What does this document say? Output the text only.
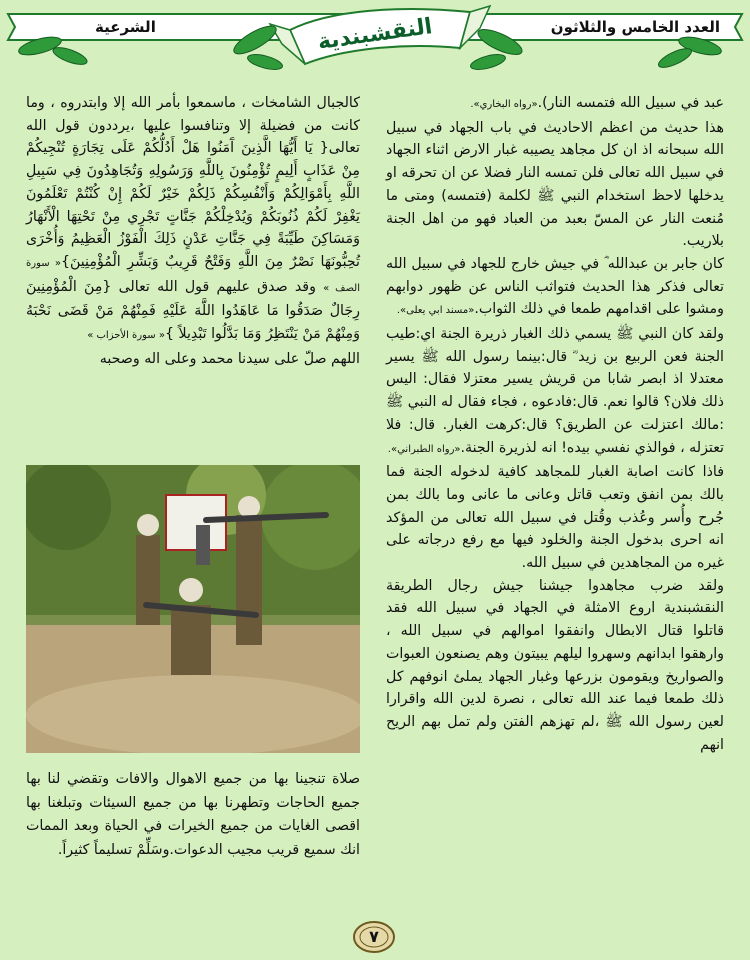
العدد الخامس والثلاثون
الشرعية	النقشبندية

عبد في سبيل الله فتمسه النار).«رواه البخاري».

هذا حديث من اعظم الاحاديث في باب الجهاد في سبيل الله سبحانه اذ ان كل مجاهد يصيبه غبار الارض اثناء الجهاد في سبيل الله تعالى فلن تمسه النار فضلا عن ان تحرقه او يدخلها لاحظ استخدام النبي ﷺ لكلمة (فتمسه) ومتى ما مُنعت النار عن المسّ بعبد من العباد فهو من اهل الجنة بلاريب.

كان جابر بن عبدالله ؓ في جيش خارج للجهاد في سبيل الله تعالى فذكر هذا الحديث فتواثب الناس عن ظهور دوابهم ومشوا على اقدامهم طمعا في ذلك الثواب.«مسند ابي يعلى».

ولقد كان النبي ﷺ يسمي ذلك الغبار ذريرة الجنة اي:طيب الجنة فعن الربيع بن زيد ؓ قال:بينما رسول الله ﷺ يسير معتدلا اذ ابصر شابا من قريش يسير معتزلا فقال: اليس ذلك فلان؟ قالوا نعم. قال:فادعوه ، فجاء فقال له النبي ﷺ :مالك اعتزلت عن الطريق؟ قال:كرهت الغبار. قال: فلا تعتزله ، فوالذي نفسي بيده! انه لذريرة الجنة.«رواه الطبراني».

فاذا كانت اصابة الغبار للمجاهد كافية لدخوله الجنة فما بالك بمن انفق وتعب قاتل وعانى ما عانى وما بالك بمن جُرح وأُسر وعُذب وقُتل في سبيل الله تعالى من المؤكد انه احرى بدخول الجنة والخلود فيها مع رفع درجاته على غيره من المجاهدين في سبيل الله.

ولقد ضرب مجاهدوا جيشنا جيش رجال الطريقة النقشبندية اروع الامثلة في الجهاد في سبيل الله فقد قاتلوا قتال الابطال وانفقوا اموالهم في سبيل الله ، وارهقوا ابدانهم وسهروا ليلهم يبيتون وهم يصنعون العبوات والصواريخ ويقومون بزرعها وغبار الجهاد يملئ انوفهم كل ذلك طمعا فيما عند الله تعالى ، نصرة لدين الله واقرارا لعين رسول الله ﷺ ،لم تهزهم الفتن ولم تمل بهم الريح انهم

كالجبال الشامخات ، ماسمعوا بأمر الله إلا وابتدروه ، وما كانت من فضيلة إلا وتنافسوا عليها ،يرددون قول الله تعالى{ يَا أَيُّهَا الَّذِينَ آَمَنُوا هَلْ أَدُلُّكُمْ عَلَى تِجَارَةٍ تُنْجِيكُمْ مِنْ عَذَابٍ أَلِيمٍ تُؤْمِنُونَ بِاللَّهِ وَرَسُولِهِ وَتُجَاهِدُونَ فِي سَبِيلِ اللَّهِ بِأَمْوَالِكُمْ وَأَنْفُسِكُمْ ذَلِكُمْ خَيْرٌ لَكُمْ إِنْ كُنْتُمْ تَعْلَمُونَ يَغْفِرْ لَكُمْ ذُنُوبَكُمْ وَيُدْخِلْكُمْ جَنَّاتٍ تَجْرِي مِنْ تَحْتِهَا الْأَنْهَارُ وَمَسَاكِنَ طَيِّبَةً فِي جَنَّاتِ عَدْنٍ ذَلِكَ الْفَوْزُ الْعَظِيمُ وَأُخْرَى تُحِبُّونَهَا نَصْرٌ مِنَ اللَّهِ وَفَتْحٌ قَرِيبٌ وَبَشِّرِ الْمُؤْمِنِينَ}« سورة الصف » وقد صدق عليهم قول الله تعالى {مِنَ الْمُؤْمِنِينَ رِجَالٌ صَدَقُوا مَا عَاهَدُوا اللَّهَ عَلَيْهِ فَمِنْهُمْ مَنْ قَضَى نَحْبَهُ وَمِنْهُمْ مَنْ يَنْتَظِرُ وَمَا بَدَّلُوا تَبْدِيلاً }« سورة الأحزاب »

اللهم صلّ على سيدنا محمد وعلى اله وصحبه

صلاة تنجينا بها من جميع الاهوال والافات وتقضي لنا بها جميع الحاجات وتطهرنا بها من جميع السيئات وتبلغنا بها اقصى الغايات من جميع الخيرات في الحياة وبعد الممات انك سميع قريب مجيب الدعوات.وسَلِّمْ تسليماً كثيراً.
٧
